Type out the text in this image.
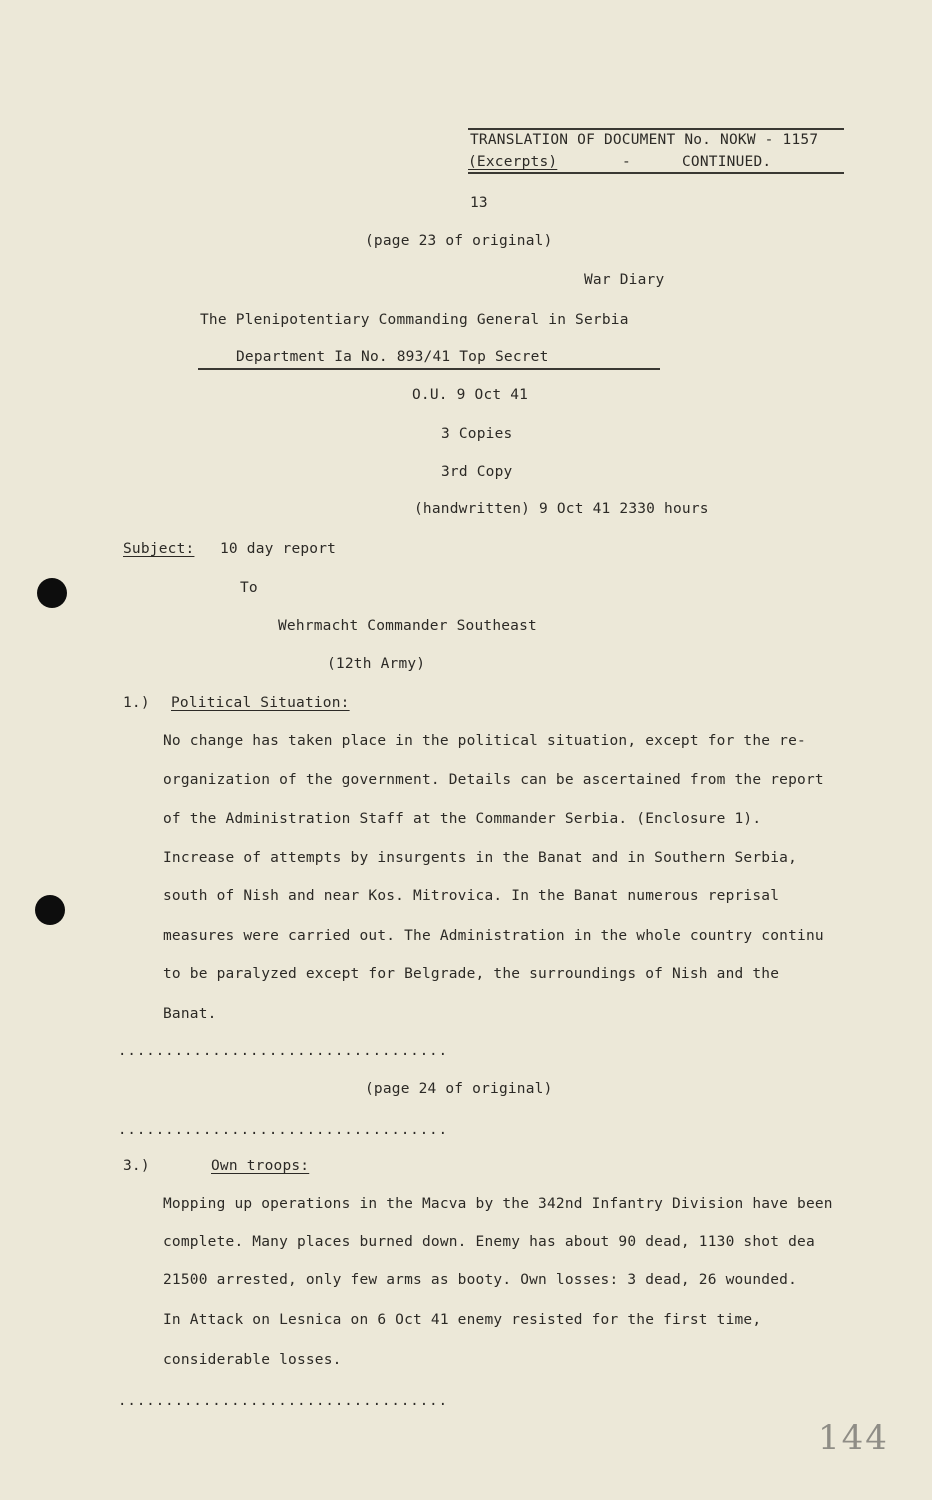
TRANSLATION OF DOCUMENT No. NOKW - 1157
(Excerpts)	-	CONTINUED.
13
(page 23 of original)
War Diary
The Plenipotentiary Commanding General in Serbia
Department Ia No. 893/41 Top Secret
O.U. 9 Oct 41
3 Copies
3rd Copy
(handwritten) 9 Oct 41 2330 hours
Subject: 10 day report
To
Wehrmacht Commander Southeast
(12th Army)
1.) Political Situation:
No change has taken place in the political situation, except for the re-
organization of the government. Details can be ascertained from the report
of the Administration Staff at the Commander Serbia. (Enclosure 1).
Increase of attempts by insurgents in the Banat and in Southern Serbia,
south of Nish and near Kos. Mitrovica. In the Banat numerous reprisal
measures were carried out. The Administration in the whole country continu
to be paralyzed except for Belgrade, the surroundings of Nish and the
Banat.
...................................
(page 24 of original)
...................................
3.)	Own troops:
Mopping up operations in the Macva by the 342nd Infantry Division have been
complete. Many places burned down. Enemy has about 90 dead, 1130 shot dea
21500 arrested, only few arms as booty. Own losses: 3 dead, 26 wounded.
In Attack on Lesnica on 6 Oct 41 enemy resisted for the first time,
considerable losses.
...................................
144
